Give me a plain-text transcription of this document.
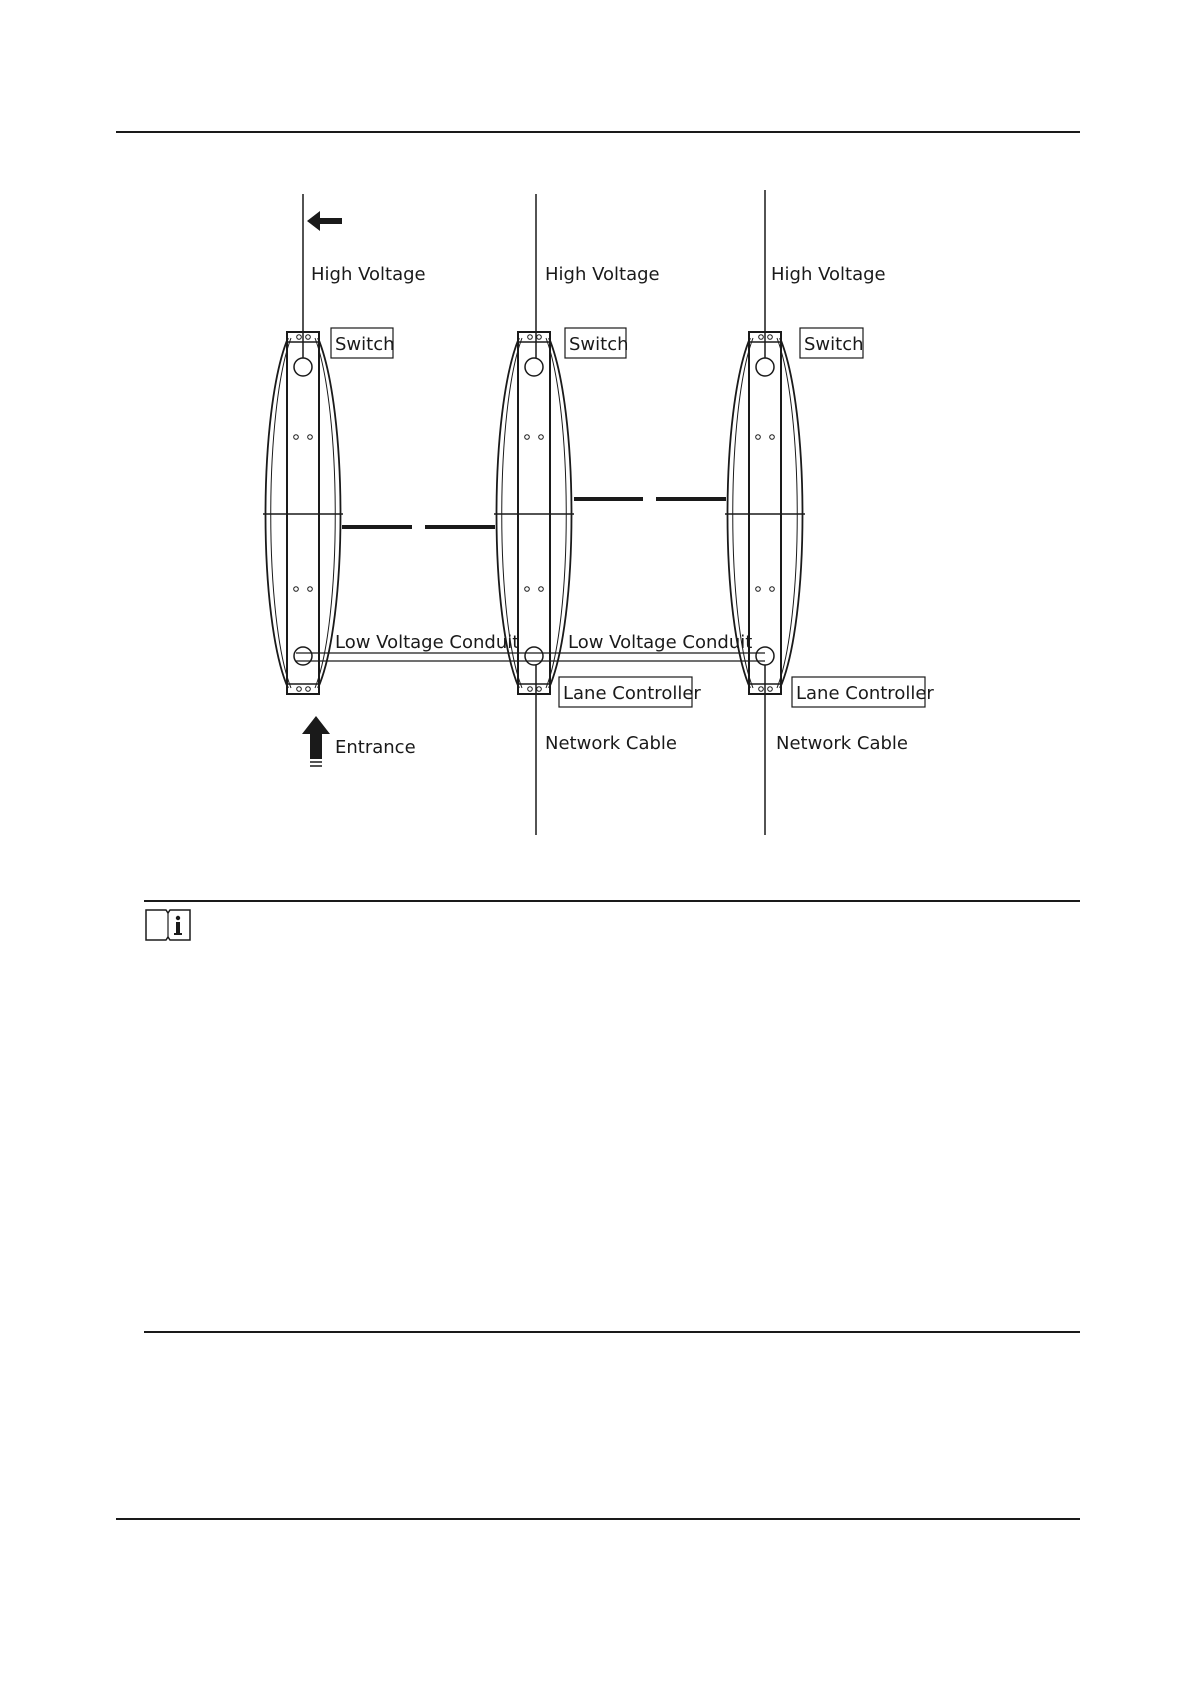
High Voltage	High Voltage	High Voltage
Switch	Switch	Switch
Low Voltage Conduit	Low Voltage Conduit
Lane Controller	Lane Controller
Network Cable	Network Cable
Entrance
